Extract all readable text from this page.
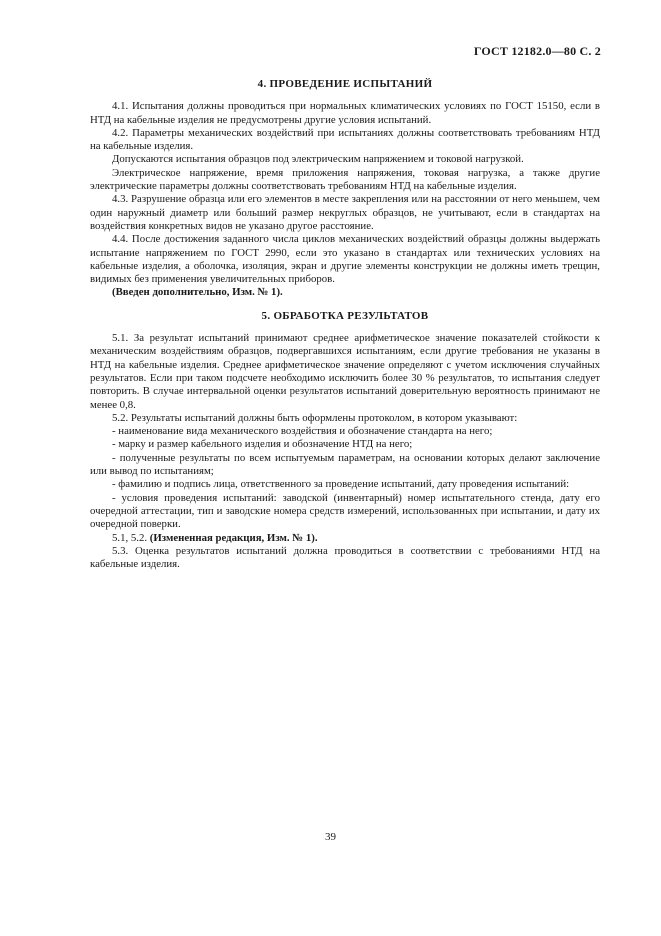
ГОСТ 12182.0—80 С. 2
4. ПРОВЕДЕНИЕ ИСПЫТАНИЙ

4.1. Испытания должны проводиться при нормальных климатических условиях по ГОСТ 15150, если в НТД на кабельные изделия не предусмотрены другие условия испытаний.

4.2. Параметры механических воздействий при испытаниях должны соответствовать требованиям НТД на кабельные изделия.

Допускаются испытания образцов под электрическим напряжением и токовой нагрузкой.

Электрическое напряжение, время приложения напряжения, токовая нагрузка, а также другие электрические параметры должны соответствовать требованиям НТД на кабельные изделия.

4.3. Разрушение образца или его элементов в месте закрепления или на расстоянии от него меньшем, чем один наружный диаметр или больший размер некруглых образцов, не учитывают, если в стандартах на воздействия конкретных видов не указано другое расстояние.

4.4. После достижения заданного числа циклов механических воздействий образцы должны выдержать испытание напряжением по ГОСТ 2990, если это указано в стандартах или технических условиях на кабельные изделия, а оболочка, изоляция, экран и другие элементы конструкции не должны иметь трещин, видимых без применения увеличительных приборов.

(Введен дополнительно, Изм. № 1).

5. ОБРАБОТКА РЕЗУЛЬТАТОВ

5.1. За результат испытаний принимают среднее арифметическое значение показателей стойкости к механическим воздействиям образцов, подвергавшихся испытаниям, если другие требования не указаны в НТД на кабельные изделия. Среднее арифметическое значение определяют с учетом исключения случайных результатов. Если при таком подсчете необходимо исключить более 30 % результатов, то испытания следует повторить. В случае интервальной оценки результатов испытаний доверительную вероятность принимают не менее 0,8.

5.2. Результаты испытаний должны быть оформлены протоколом, в котором указывают:

- наименование вида механического воздействия и обозначение стандарта на него;

- марку и размер кабельного изделия и обозначение НТД на него;

- полученные результаты по всем испытуемым параметрам, на основании которых делают заключение или вывод по испытаниям;

- фамилию и подпись лица, ответственного за проведение испытаний, дату проведения испытаний:

- условия проведения испытаний: заводской (инвентарный) номер испытательного стенда, дату его очередной аттестации, тип и заводские номера средств измерений, использованных при испытании, и дату их очередной поверки.

5.1, 5.2. (Измененная редакция, Изм. № 1).

5.3. Оценка результатов испытаний должна проводиться в соответствии с требованиями НТД на кабельные изделия.

39
